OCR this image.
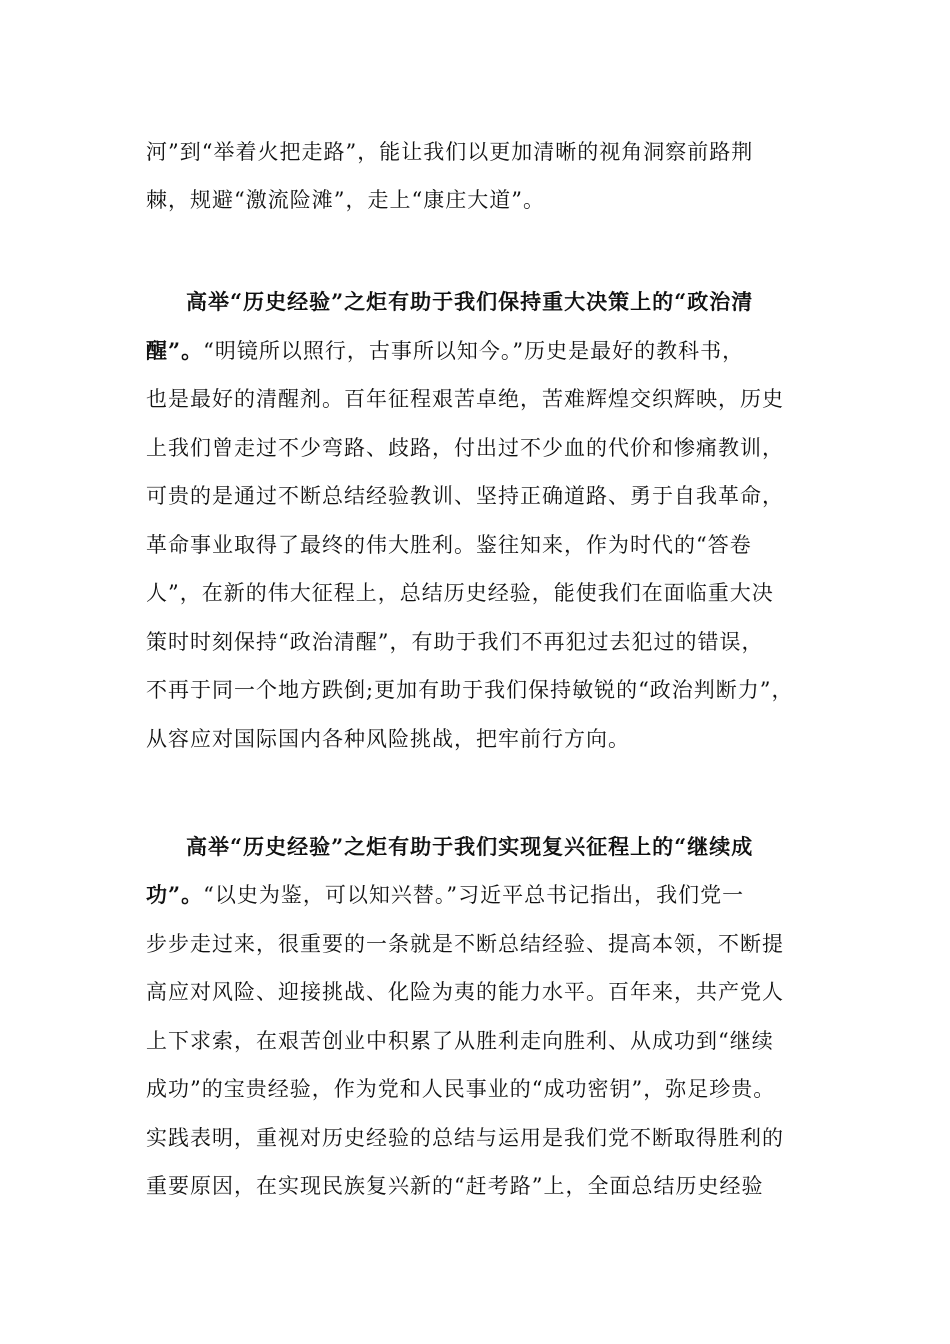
河”到“举着火把走路”，能让我们以更加清晰的视角洞察前路荆
棘，规避“激流险滩”，走上“康庄大道”。
高举“历史经验”之炬有助于我们保持重大决策上的“政治清
醒”。“明镜所以照行，古事所以知今。”历史是最好的教科书，
也是最好的清醒剂。百年征程艰苦卓绝，苦难辉煌交织辉映，历史
上我们曾走过不少弯路、歧路，付出过不少血的代价和惨痛教训，
可贵的是通过不断总结经验教训、坚持正确道路、勇于自我革命，
革命事业取得了最终的伟大胜利。鉴往知来，作为时代的“答卷
人”，在新的伟大征程上，总结历史经验，能使我们在面临重大决
策时时刻保持“政治清醒”，有助于我们不再犯过去犯过的错误，
不再于同一个地方跌倒;更加有助于我们保持敏锐的“政治判断力”，
从容应对国际国内各种风险挑战，把牢前行方向。
高举“历史经验”之炬有助于我们实现复兴征程上的“继续成
功”。“以史为鉴，可以知兴替。”习近平总书记指出，我们党一
步步走过来，很重要的一条就是不断总结经验、提高本领，不断提
高应对风险、迎接挑战、化险为夷的能力水平。百年来，共产党人
上下求索，在艰苦创业中积累了从胜利走向胜利、从成功到“继续
成功”的宝贵经验，作为党和人民事业的“成功密钥”，弥足珍贵。
实践表明，重视对历史经验的总结与运用是我们党不断取得胜利的
重要原因，在实现民族复兴新的“赶考路”上，全面总结历史经验
